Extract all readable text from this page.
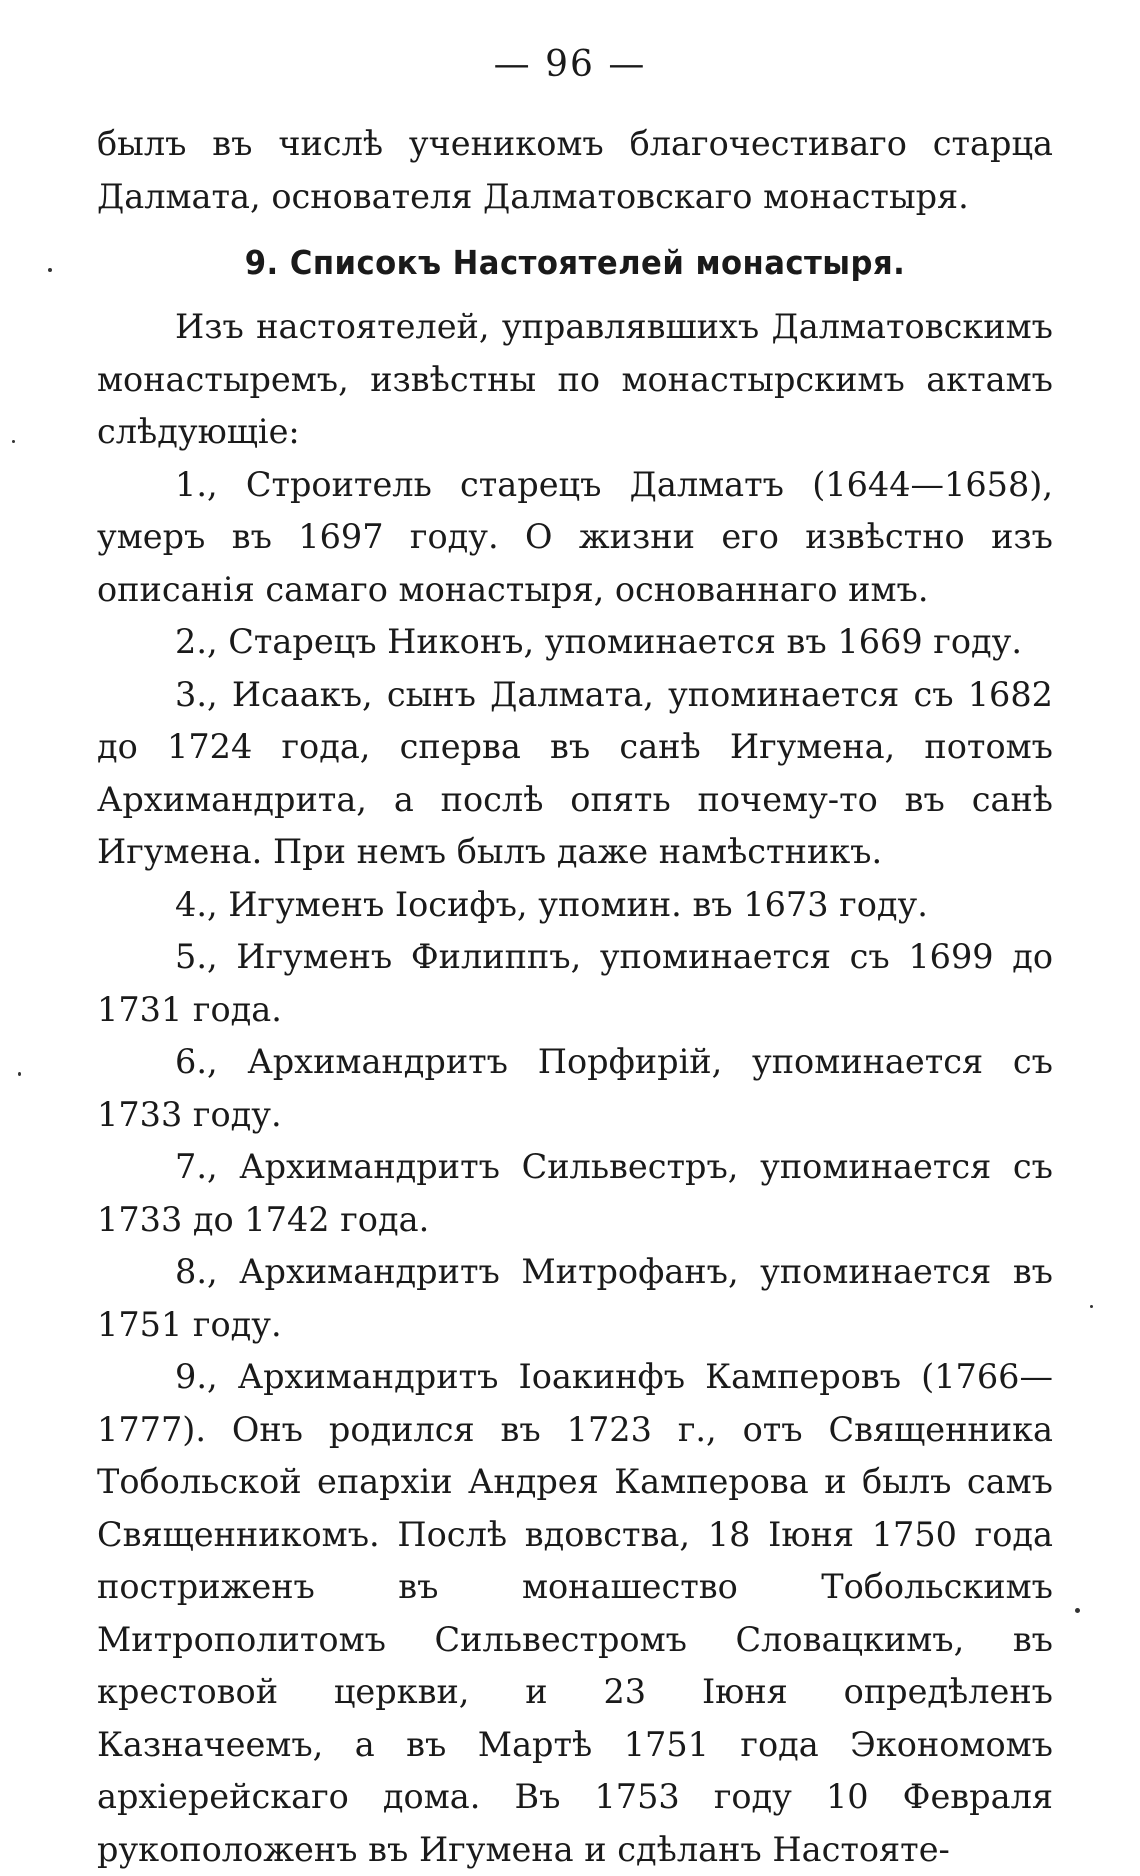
— 96 —

былъ въ числѣ ученикомъ благочестиваго старца Далмата, основателя Далматовскаго монастыря.

9. Списокъ Настоятелей монастыря.

Изъ настоятелей, управлявшихъ Далматовскимъ монастыремъ, извѣстны по монастырскимъ актамъ слѣдующіе:

1., Строитель старецъ Далматъ (1644—1658), умеръ въ 1697 году. О жизни его извѣстно изъ описанія самаго монастыря, основаннаго имъ.

2., Старецъ Никонъ, упоминается въ 1669 году.

3., Исаакъ, сынъ Далмата, упоминается съ 1682 до 1724 года, сперва въ санѣ Игумена, потомъ Архимандрита, а послѣ опять почему-то въ санѣ Игумена. При немъ былъ даже намѣстникъ.

4., Игуменъ Іосифъ, упомин. въ 1673 году.

5., Игуменъ Филиппъ, упоминается съ 1699 до 1731 года.

6., Архимандритъ Порфирій, упоминается съ 1733 году.

7., Архимандритъ Сильвестръ, упоминается съ 1733 до 1742 года.

8., Архимандритъ Митрофанъ, упоминается въ 1751 году.

9., Архимандритъ Іоакинфъ Камперовъ (1766—1777). Онъ родился въ 1723 г., отъ Священника Тобольской епархіи Андрея Камперова и былъ самъ Священникомъ. Послѣ вдовства, 18 Іюня 1750 года постриженъ въ монашество Тобольскимъ Митрополитомъ Сильвестромъ Словацкимъ, въ крестовой церкви, и 23 Іюня опредѣленъ Казначеемъ, а въ Мартѣ 1751 года Экономомъ архіерейскаго дома. Въ 1753 году 10 Февраля рукоположенъ въ Игумена и сдѣланъ Настояте-
